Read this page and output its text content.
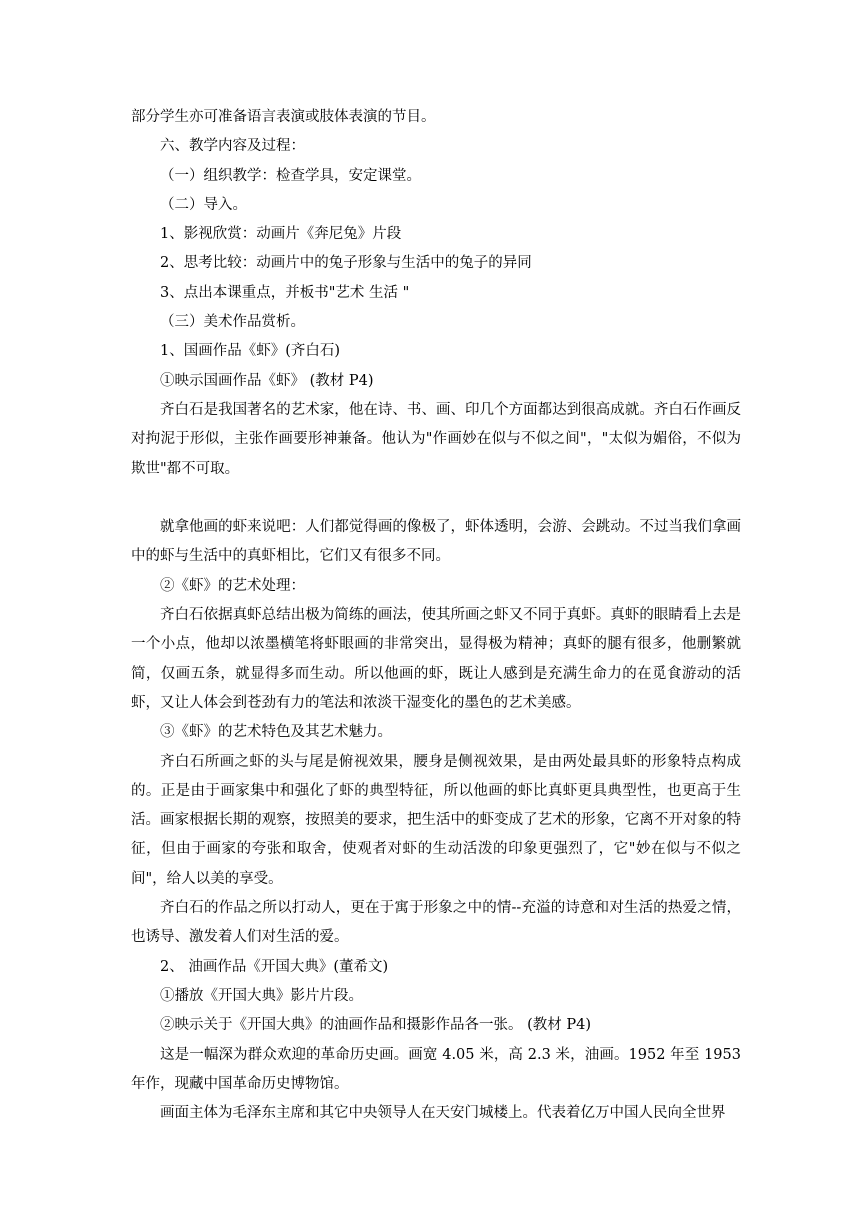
部分学生亦可准备语言表演或肢体表演的节目。

六、教学内容及过程：

（一）组织教学：检查学具，安定课堂。

（二）导入。

1、影视欣赏：动画片《奔尼兔》片段

2、思考比较：动画片中的兔子形象与生活中的兔子的异同

3、点出本课重点，并板书"艺术 生活 "

（三）美术作品赏析。

1、国画作品《虾》(齐白石)

①映示国画作品《虾》 (教材 P4)

齐白石是我国著名的艺术家，他在诗、书、画、印几个方面都达到很高成就。齐白石作画反对拘泥于形似，主张作画要形神兼备。他认为"作画妙在似与不似之间"，"太似为媚俗，不似为欺世"都不可取。

就拿他画的虾来说吧：人们都觉得画的像极了，虾体透明，会游、会跳动。不过当我们拿画中的虾与生活中的真虾相比，它们又有很多不同。

②《虾》的艺术处理：

齐白石依据真虾总结出极为简练的画法，使其所画之虾又不同于真虾。真虾的眼睛看上去是一个小点，他却以浓墨横笔将虾眼画的非常突出，显得极为精神；真虾的腿有很多，他删繁就简，仅画五条，就显得多而生动。所以他画的虾，既让人感到是充满生命力的在觅食游动的活虾，又让人体会到苍劲有力的笔法和浓淡干湿变化的墨色的艺术美感。

③《虾》的艺术特色及其艺术魅力。

齐白石所画之虾的头与尾是俯视效果，腰身是侧视效果，是由两处最具虾的形象特点构成的。正是由于画家集中和强化了虾的典型特征，所以他画的虾比真虾更具典型性，也更高于生活。画家根据长期的观察，按照美的要求，把生活中的虾变成了艺术的形象，它离不开对象的特征，但由于画家的夸张和取舍，使观者对虾的生动活泼的印象更强烈了，它"妙在似与不似之间"，给人以美的享受。

齐白石的作品之所以打动人，更在于寓于形象之中的情--充溢的诗意和对生活的热爱之情，也诱导、激发着人们对生活的爱。

2、 油画作品《开国大典》(董希文)

①播放《开国大典》影片片段。

②映示关于《开国大典》的油画作品和摄影作品各一张。 (教材 P4)

这是一幅深为群众欢迎的革命历史画。画宽 4.05 米，高 2.3 米，油画。1952 年至 1953 年作，现藏中国革命历史博物馆。

画面主体为毛泽东主席和其它中央领导人在天安门城楼上。代表着亿万中国人民向全世界
